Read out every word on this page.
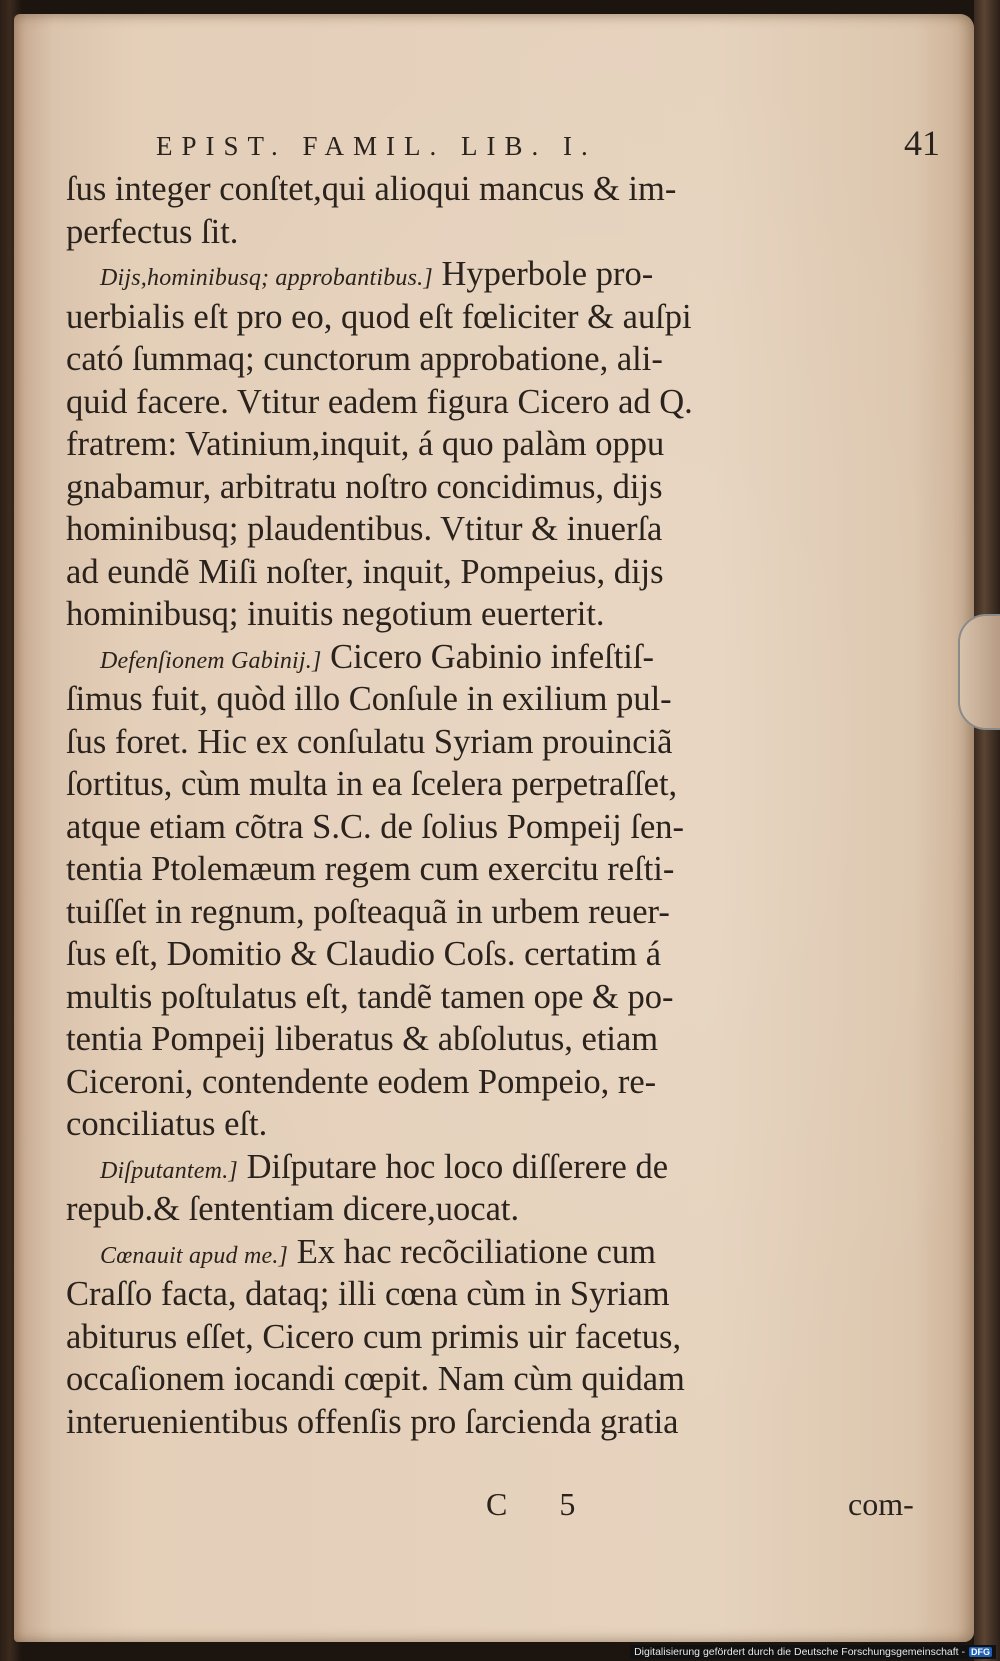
EPIST. FAMIL. LIB. I.	41
ſus integer conſtet,qui alioqui mancus & im-
perfectus ſit.
Dijs,hominibusq; approbantibus.] Hyperbole pro-
uerbialis eſt pro eo, quod eſt fœliciter & auſpi
cató ſummaq; cunctorum approbatione, ali-
quid facere. Vtitur eadem figura Cicero ad Q.
fratrem: Vatinium,inquit, á quo palàm oppu
gnabamur, arbitratu noſtro concidimus, dijs
hominibusq; plaudentibus. Vtitur & inuerſa
ad eundẽ Miſi noſter, inquit, Pompeius, dijs
hominibusq; inuitis negotium euerterit.
Defenſionem Gabinij.] Cicero Gabinio infeſtiſ-
ſimus fuit, quòd illo Conſule in exilium pul-
ſus foret. Hic ex conſulatu Syriam prouinciã
ſortitus, cùm multa in ea ſcelera perpetraſſet,
atque etiam cõtra S.C. de ſolius Pompeij ſen-
tentia Ptolemæum regem cum exercitu reſti-
tuiſſet in regnum, poſteaquã in urbem reuer-
ſus eſt, Domitio & Claudio Coſs. certatim á
multis poſtulatus eſt, tandẽ tamen ope & po-
tentia Pompeij liberatus & abſolutus, etiam
Ciceroni, contendente eodem Pompeio, re-
conciliatus eſt.
Diſputantem.] Diſputare hoc loco diſſerere de
repub.& ſententiam dicere,uocat.
Cœnauit apud me.] Ex hac recõciliatione cum
Craſſo facta, dataq; illi cœna cùm in Syriam
abiturus eſſet, Cicero cum primis uir facetus,
occaſionem iocandi cœpit. Nam cùm quidam
interuenientibus offenſis pro ſarcienda gratia
C 5	com-
Digitalisierung gefördert durch die Deutsche Forschungsgemeinschaft - DFG
